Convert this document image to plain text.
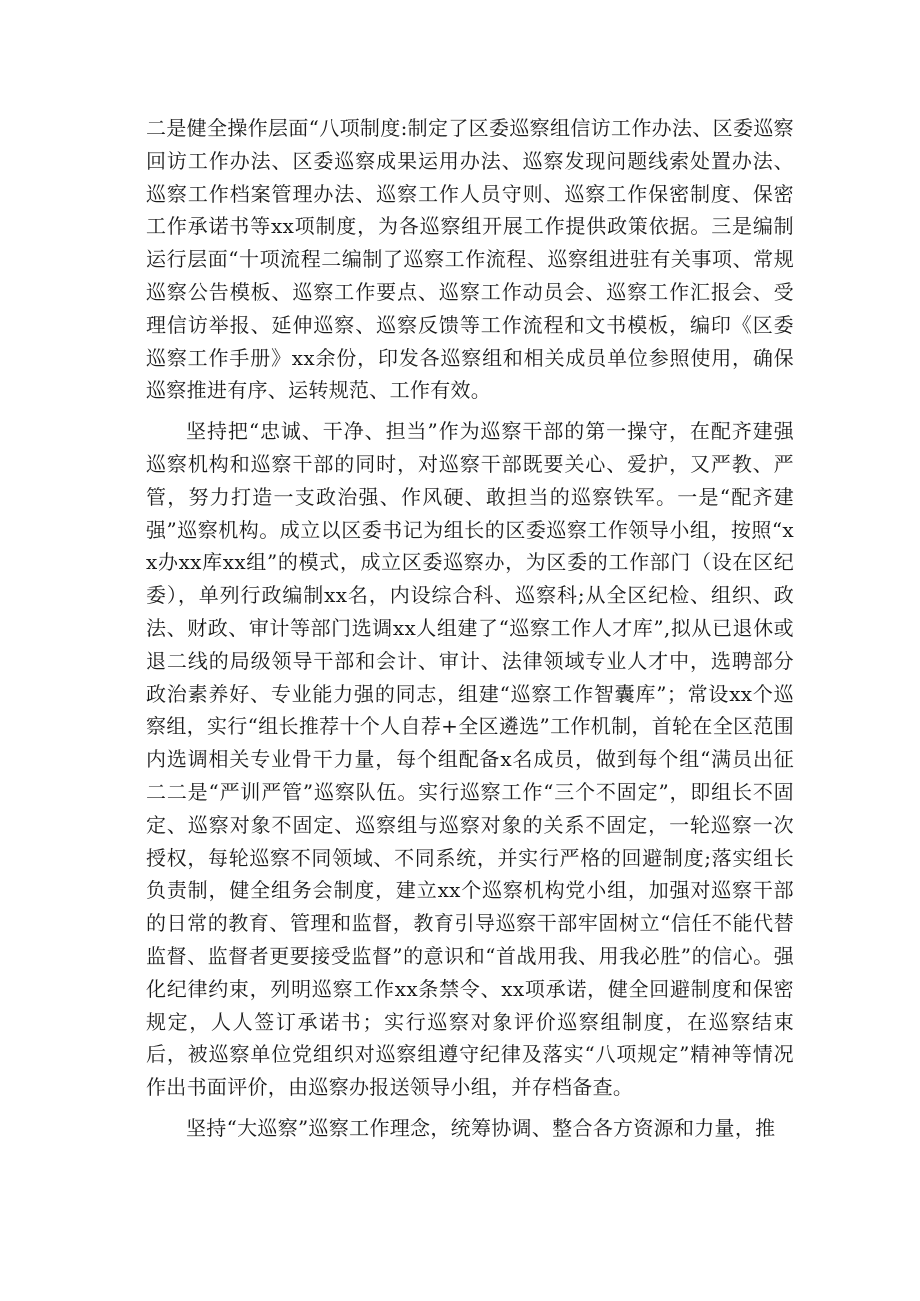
二是健全操作层面“八项制度:制定了区委巡察组信访工作办法、区委巡察回访工作办法、区委巡察成果运用办法、巡察发现问题线索处置办法、巡察工作档案管理办法、巡察工作人员守则、巡察工作保密制度、保密工作承诺书等xx项制度，为各巡察组开展工作提供政策依据。三是编制运行层面“十项流程二编制了巡察工作流程、巡察组进驻有关事项、常规巡察公告模板、巡察工作要点、巡察工作动员会、巡察工作汇报会、受理信访举报、延伸巡察、巡察反馈等工作流程和文书模板，编印《区委巡察工作手册》xx余份，印发各巡察组和相关成员单位参照使用，确保巡察推进有序、运转规范、工作有效。

坚持把“忠诚、干净、担当”作为巡察干部的第一操守，在配齐建强巡察机构和巡察干部的同时，对巡察干部既要关心、爱护，又严教、严管，努力打造一支政治强、作风硬、敢担当的巡察铁军。一是“配齐建强”巡察机构。成立以区委书记为组长的区委巡察工作领导小组，按照“xx办xx库xx组”的模式，成立区委巡察办，为区委的工作部门（设在区纪委），单列行政编制xx名，内设综合科、巡察科;从全区纪检、组织、政法、财政、审计等部门选调xx人组建了“巡察工作人才库”,拟从已退休或退二线的局级领导干部和会计、审计、法律领域专业人才中，选聘部分政治素养好、专业能力强的同志，组建“巡察工作智囊库”；常设xx个巡察组，实行“组长推荐十个人自荐+全区遴选”工作机制，首轮在全区范围内选调相关专业骨干力量，每个组配备x名成员，做到每个组“满员出征二二是“严训严管”巡察队伍。实行巡察工作“三个不固定”，即组长不固定、巡察对象不固定、巡察组与巡察对象的关系不固定，一轮巡察一次授权，每轮巡察不同领域、不同系统，并实行严格的回避制度;落实组长负责制，健全组务会制度，建立xx个巡察机构党小组，加强对巡察干部的日常的教育、管理和监督，教育引导巡察干部牢固树立“信任不能代替监督、监督者更要接受监督”的意识和“首战用我、用我必胜”的信心。强化纪律约束，列明巡察工作xx条禁令、xx项承诺，健全回避制度和保密规定，人人签订承诺书；实行巡察对象评价巡察组制度，在巡察结束后，被巡察单位党组织对巡察组遵守纪律及落实“八项规定”精神等情况作出书面评价，由巡察办报送领导小组，并存档备查。

坚持“大巡察”巡察工作理念，统筹协调、整合各方资源和力量，推
